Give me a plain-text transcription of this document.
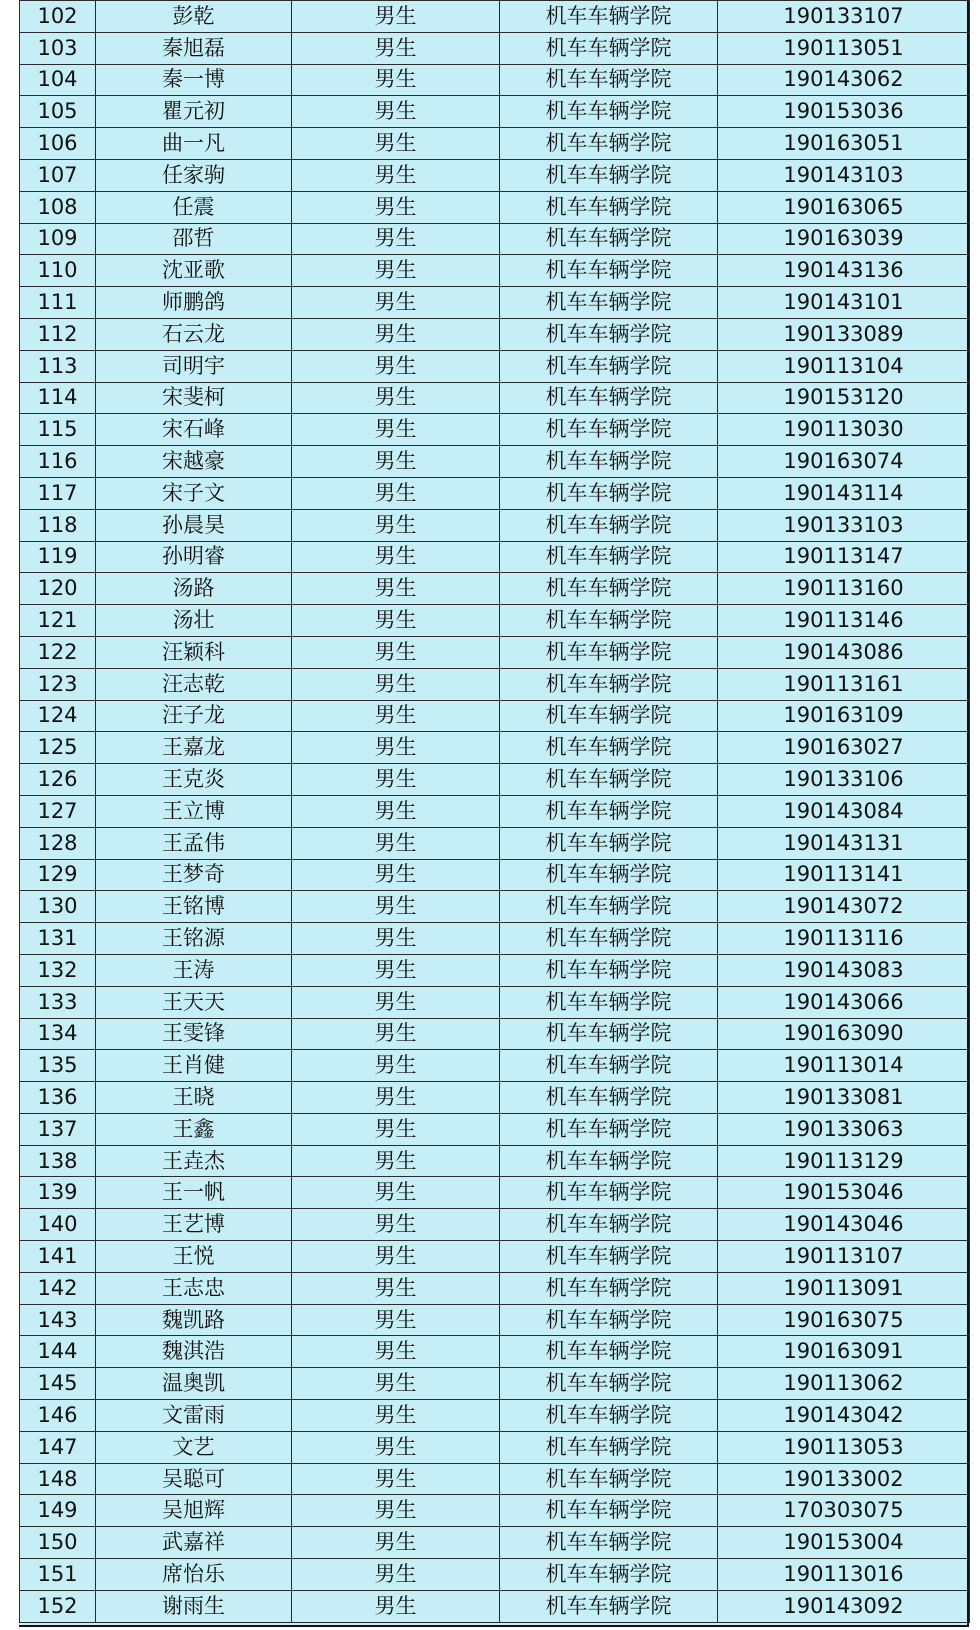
102	彭乾	男生	机车车辆学院	190133107
103	秦旭磊	男生	机车车辆学院	190113051
104	秦一博	男生	机车车辆学院	190143062
105	瞿元初	男生	机车车辆学院	190153036
106	曲一凡	男生	机车车辆学院	190163051
107	任家驹	男生	机车车辆学院	190143103
108	任震	男生	机车车辆学院	190163065
109	邵哲	男生	机车车辆学院	190163039
110	沈亚歌	男生	机车车辆学院	190143136
111	师鹏鸽	男生	机车车辆学院	190143101
112	石云龙	男生	机车车辆学院	190133089
113	司明宇	男生	机车车辆学院	190113104
114	宋斐柯	男生	机车车辆学院	190153120
115	宋石峰	男生	机车车辆学院	190113030
116	宋越豪	男生	机车车辆学院	190163074
117	宋子文	男生	机车车辆学院	190143114
118	孙晨昊	男生	机车车辆学院	190133103
119	孙明睿	男生	机车车辆学院	190113147
120	汤路	男生	机车车辆学院	190113160
121	汤壮	男生	机车车辆学院	190113146
122	汪颖科	男生	机车车辆学院	190143086
123	汪志乾	男生	机车车辆学院	190113161
124	汪子龙	男生	机车车辆学院	190163109
125	王嘉龙	男生	机车车辆学院	190163027
126	王克炎	男生	机车车辆学院	190133106
127	王立博	男生	机车车辆学院	190143084
128	王孟伟	男生	机车车辆学院	190143131
129	王梦奇	男生	机车车辆学院	190113141
130	王铭博	男生	机车车辆学院	190143072
131	王铭源	男生	机车车辆学院	190113116
132	王涛	男生	机车车辆学院	190143083
133	王天天	男生	机车车辆学院	190143066
134	王雯锋	男生	机车车辆学院	190163090
135	王肖健	男生	机车车辆学院	190113014
136	王晓	男生	机车车辆学院	190133081
137	王鑫	男生	机车车辆学院	190133063
138	王垚杰	男生	机车车辆学院	190113129
139	王一帆	男生	机车车辆学院	190153046
140	王艺博	男生	机车车辆学院	190143046
141	王悦	男生	机车车辆学院	190113107
142	王志忠	男生	机车车辆学院	190113091
143	魏凯路	男生	机车车辆学院	190163075
144	魏淇浩	男生	机车车辆学院	190163091
145	温奥凯	男生	机车车辆学院	190113062
146	文雷雨	男生	机车车辆学院	190143042
147	文艺	男生	机车车辆学院	190113053
148	吴聪可	男生	机车车辆学院	190133002
149	吴旭辉	男生	机车车辆学院	170303075
150	武嘉祥	男生	机车车辆学院	190153004
151	席怡乐	男生	机车车辆学院	190113016
152	谢雨生	男生	机车车辆学院	190143092
